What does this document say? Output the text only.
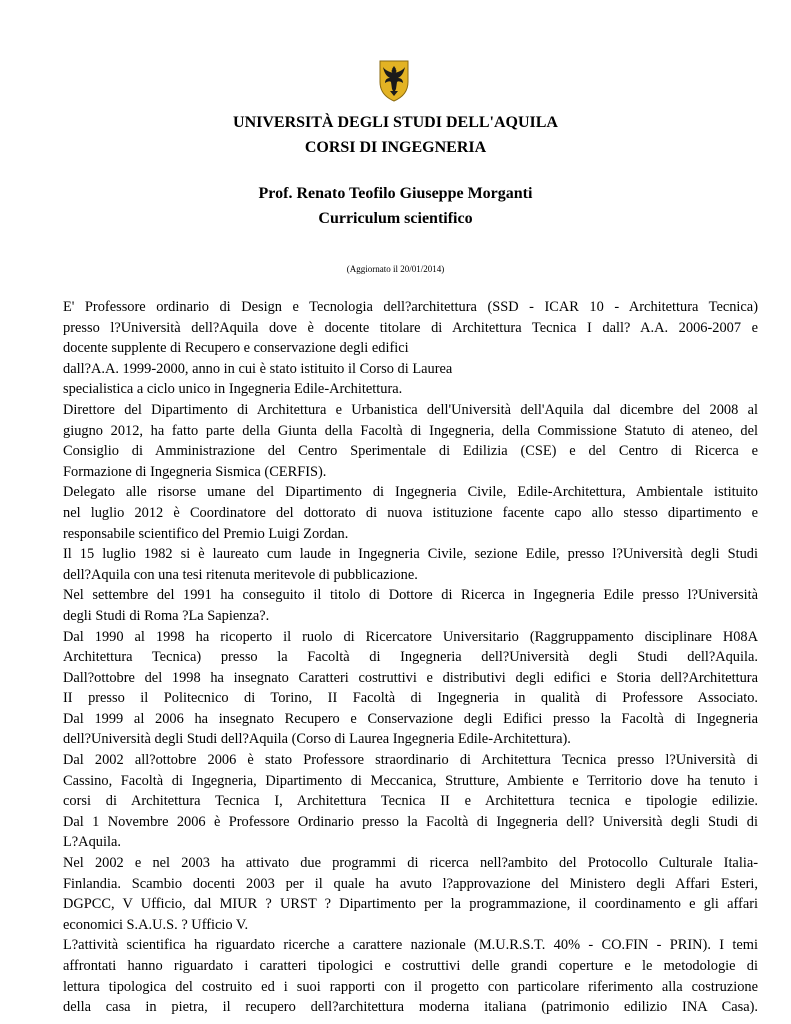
UNIVERSITÀ DEGLI STUDI DELL'AQUILA
CORSI DI INGEGNERIA
Prof. Renato Teofilo Giuseppe Morganti
Curriculum scientifico
(Aggiornato il 20/01/2014)
E' Professore ordinario di Design e Tecnologia dell?architettura (SSD - ICAR 10 - Architettura Tecnica)
presso l?Università dell?Aquila dove è docente titolare di Architettura Tecnica I dall? A.A. 2006-2007 e
docente supplente di Recupero e conservazione degli edifici
dall?A.A. 1999-2000, anno in cui è stato istituito il Corso di Laurea
specialistica a ciclo unico in Ingegneria Edile-Architettura.
Direttore del Dipartimento di Architettura e Urbanistica dell'Università dell'Aquila dal dicembre del 2008 al
giugno 2012, ha fatto parte della Giunta della Facoltà di Ingegneria, della Commissione Statuto di ateneo, del
Consiglio di Amministrazione del Centro Sperimentale di Edilizia (CSE) e del Centro di Ricerca e
Formazione di Ingegneria Sismica (CERFIS).
Delegato alle risorse umane del Dipartimento di Ingegneria Civile, Edile-Architettura, Ambientale istituito
nel luglio 2012 è Coordinatore del dottorato di nuova istituzione facente capo allo stesso dipartimento e
responsabile scientifico del Premio Luigi Zordan.
Il 15 luglio 1982 si è laureato cum laude in Ingegneria Civile, sezione Edile, presso l?Università degli Studi
dell?Aquila con una tesi ritenuta meritevole di pubblicazione.
Nel settembre del 1991 ha conseguito il titolo di Dottore di Ricerca in Ingegneria Edile presso l?Università
degli Studi di Roma ?La Sapienza?.
Dal 1990 al 1998 ha ricoperto il ruolo di Ricercatore Universitario (Raggruppamento disciplinare H08A
Architettura Tecnica) presso la Facoltà di Ingegneria dell?Università degli Studi dell?Aquila.
Dall?ottobre del 1998 ha insegnato Caratteri costruttivi e distributivi degli edifici e Storia dell?Architettura
II presso il Politecnico di Torino, II Facoltà di Ingegneria in qualità di Professore Associato.
Dal 1999 al 2006 ha insegnato Recupero e Conservazione degli Edifici presso la Facoltà di Ingegneria
dell?Università degli Studi dell?Aquila (Corso di Laurea Ingegneria Edile-Architettura).
Dal 2002 all?ottobre 2006 è stato Professore straordinario di Architettura Tecnica presso l?Università di
Cassino, Facoltà di Ingegneria, Dipartimento di Meccanica, Strutture, Ambiente e Territorio dove ha tenuto i
corsi di Architettura Tecnica I, Architettura Tecnica II e Architettura tecnica e tipologie edilizie.
Dal 1 Novembre 2006 è Professore Ordinario presso la Facoltà di Ingegneria dell? Università degli Studi di
L?Aquila.
Nel 2002 e nel 2003 ha attivato due programmi di ricerca nell?ambito del Protocollo Culturale Italia-
Finlandia. Scambio docenti 2003 per il quale ha avuto l?approvazione del Ministero degli Affari Esteri,
DGPCC, V Ufficio, dal MIUR ? URST ? Dipartimento per la programmazione, il coordinamento e gli affari
economici S.A.U.S. ? Ufficio V.
L?attività scientifica ha riguardato ricerche a carattere nazionale (M.U.R.S.T. 40% - CO.FIN - PRIN). I temi
affrontati hanno riguardato i caratteri tipologici e costruttivi delle grandi coperture e le metodologie di
lettura tipologica del costruito ed i suoi rapporti con il progetto con particolare riferimento alla costruzione
della casa in pietra, il recupero dell?architettura moderna italiana (patrimonio edilizio INA Casa).
